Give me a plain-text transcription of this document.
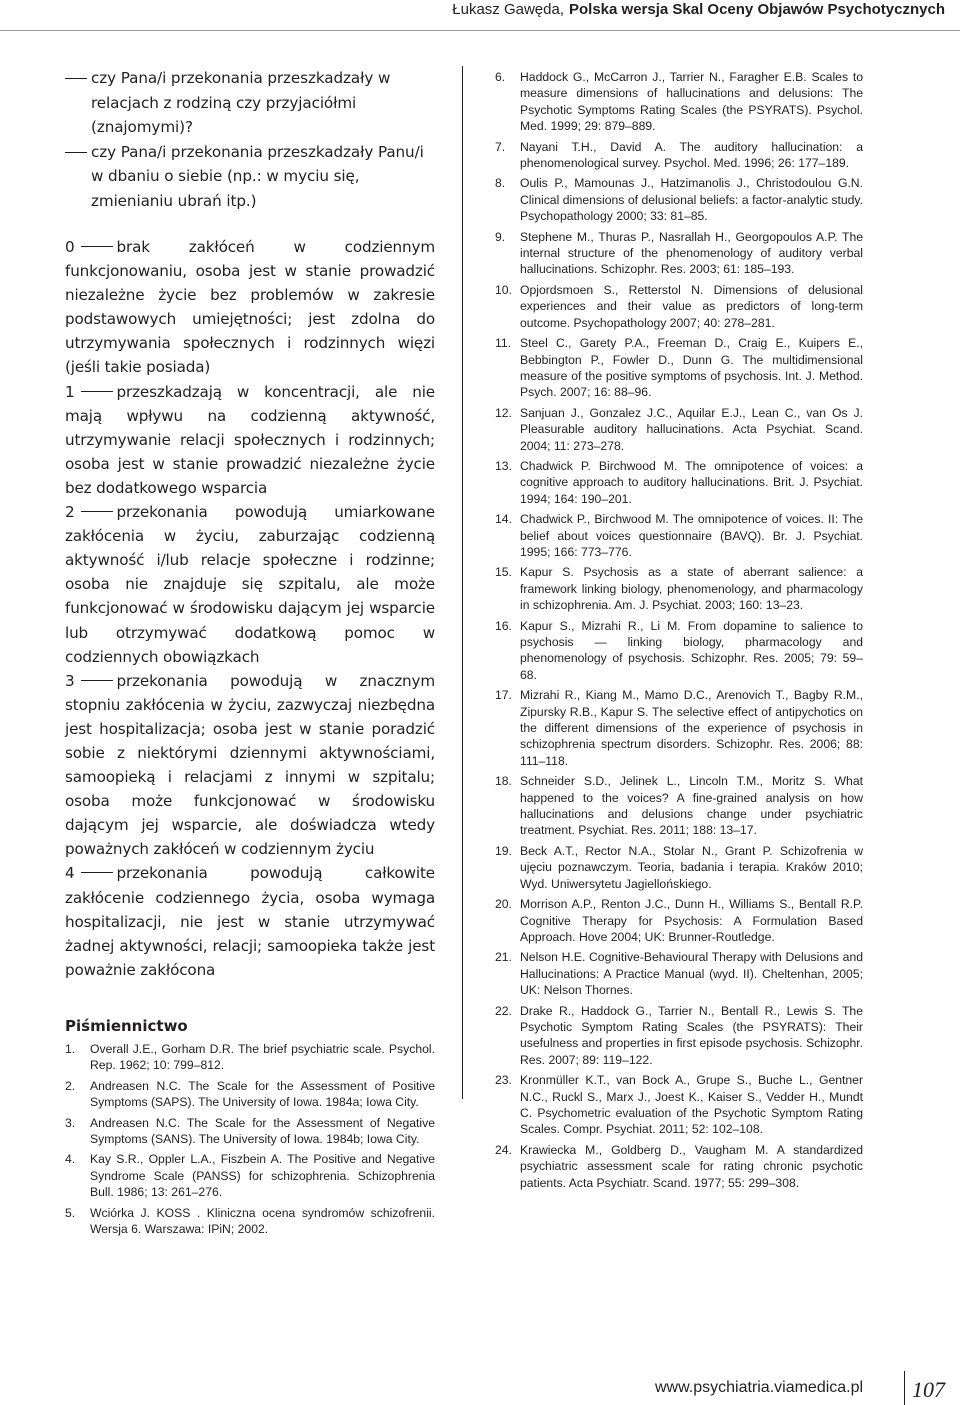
Łukasz Gawęda, Polska wersja Skal Oceny Objawów Psychotycznych

czy Pana/i przekonania przeszkadzały w relacjach z rodziną czy przyjaciółmi (znajomymi)?

czy Pana/i przekonania przeszkadzały Panu/i w dbaniu o siebie (np.: w myciu się, zmienianiu ubrań itp.)

0	brak zakłóceń w codziennym funkcjonowaniu, osoba jest w stanie prowadzić niezależne życie bez problemów w zakresie podstawowych umiejętności; jest zdolna do utrzymywania społecznych i rodzinnych więzi (jeśli takie posiada)

1	przeszkadzają w koncentracji, ale nie mają wpływu na codzienną aktywność, utrzymywanie relacji społecznych i rodzinnych; osoba jest w stanie prowadzić niezależne życie bez dodatkowego wsparcia

2	przekonania powodują umiarkowane zakłócenia w życiu, zaburzając codzienną aktywność i/lub relacje społeczne i rodzinne; osoba nie znajduje się szpitalu, ale może funkcjonować w środowisku dającym jej wsparcie lub otrzymywać dodatkową pomoc w codziennych obowiązkach

3	przekonania powodują w znacznym stopniu zakłócenia w życiu, zazwyczaj niezbędna jest hospitalizacja; osoba jest w stanie poradzić sobie z niektórymi dziennymi aktywnościami, samoopieką i relacjami z innymi w szpitalu; osoba może funkcjonować w środowisku dającym jej wsparcie, ale doświadcza wtedy poważnych zakłóceń w codziennym życiu

4	przekonania powodują całkowite zakłócenie codziennego życia, osoba wymaga hospitalizacji, nie jest w stanie utrzymywać żadnej aktywności, relacji; samoopieka także jest poważnie zakłócona

Piśmiennictwo
1. Overall J.E., Gorham D.R. The brief psychiatric scale. Psychol. Rep. 1962; 10: 799–812.
2. Andreasen N.C. The Scale for the Assessment of Positive Symptoms (SAPS). The University of Iowa. 1984a; Iowa City.
3. Andreasen N.C. The Scale for the Assessment of Negative Symptoms (SANS). The University of Iowa. 1984b; Iowa City.
4. Kay S.R., Oppler L.A., Fiszbein A. The Positive and Negative Syndrome Scale (PANSS) for schizophrenia. Schizophrenia Bull. 1986; 13: 261–276.
5. Wciórka J. KOSS . Kliniczna ocena syndromów schizofrenii. Wersja 6. Warszawa: IPiN; 2002.
6. Haddock G., McCarron J., Tarrier N., Faragher E.B. Scales to measure dimensions of hallucinations and delusions: The Psychotic Symptoms Rating Scales (the PSYRATS). Psychol. Med. 1999; 29: 879–889.
7. Nayani T.H., David A. The auditory hallucination: a phenomenological survey. Psychol. Med. 1996; 26: 177–189.
8. Oulis P., Mamounas J., Hatzimanolis J., Christodoulou G.N. Clinical dimensions of delusional beliefs: a factor-analytic study. Psychopathology 2000; 33: 81–85.
9. Stephene M., Thuras P., Nasrallah H., Georgopoulos A.P. The internal structure of the phenomenology of auditory verbal hallucinations. Schizophr. Res. 2003; 61: 185–193.
10. Opjordsmoen S., Retterstol N. Dimensions of delusional experiences and their value as predictors of long-term outcome. Psychopathology 2007; 40: 278–281.
11. Steel C., Garety P.A., Freeman D., Craig E., Kuipers E., Bebbington P., Fowler D., Dunn G. The multidimensional measure of the positive symptoms of psychosis. Int. J. Method. Psych. 2007; 16: 88–96.
12. Sanjuan J., Gonzalez J.C., Aquilar E.J., Lean C., van Os J. Pleasurable auditory hallucinations. Acta Psychiat. Scand. 2004; 11: 273–278.
13. Chadwick P. Birchwood M. The omnipotence of voices: a cognitive approach to auditory hallucinations. Brit. J. Psychiat. 1994; 164: 190–201.
14. Chadwick P., Birchwood M. The omnipotence of voices. II: The belief about voices questionnaire (BAVQ). Br. J. Psychiat. 1995; 166: 773–776.
15. Kapur S. Psychosis as a state of aberrant salience: a framework linking biology, phenomenology, and pharmacology in schizophrenia. Am. J. Psychiat. 2003; 160: 13–23.
16. Kapur S., Mizrahi R., Li M. From dopamine to salience to psychosis — linking biology, pharmacology and phenomenology of psychosis. Schizophr. Res. 2005; 79: 59–68.
17. Mizrahi R., Kiang M., Mamo D.C., Arenovich T., Bagby R.M., Zipursky R.B., Kapur S. The selective effect of antipychotics on the different dimensions of the experience of psychosis in schizophrenia spectrum disorders. Schizophr. Res. 2006; 88: 111–118.
18. Schneider S.D., Jelinek L., Lincoln T.M., Moritz S. What happened to the voices? A fine-grained analysis on how hallucinations and delusions change under psychiatric treatment. Psychiat. Res. 2011; 188: 13–17.
19. Beck A.T., Rector N.A., Stolar N., Grant P. Schizofrenia w ujęciu poznawczym. Teoria, badania i terapia. Kraków 2010; Wyd. Uniwersytetu Jagiellońskiego.
20. Morrison A.P., Renton J.C., Dunn H., Williams S., Bentall R.P. Cognitive Therapy for Psychosis: A Formulation Based Approach. Hove 2004; UK: Brunner-Routledge.
21. Nelson H.E. Cognitive-Behavioural Therapy with Delusions and Hallucinations: A Practice Manual (wyd. II). Cheltenhan, 2005; UK: Nelson Thornes.
22. Drake R., Haddock G., Tarrier N., Bentall R., Lewis S. The Psychotic Symptom Rating Scales (the PSYRATS): Their usefulness and properties in first episode psychosis. Schizophr. Res. 2007; 89: 119–122.
23. Kronmüller K.T., van Bock A., Grupe S., Buche L., Gentner N.C., Ruckl S., Marx J., Joest K., Kaiser S., Vedder H., Mundt C. Psychometric evaluation of the Psychotic Symptom Rating Scales. Compr. Psychiat. 2011; 52: 102–108.
24. Krawiecka M., Goldberg D., Vaugham M. A standardized psychiatric assessment scale for rating chronic psychotic patients. Acta Psychiatr. Scand. 1977; 55: 299–308.
www.psychiatria.viamedica.pl 107
